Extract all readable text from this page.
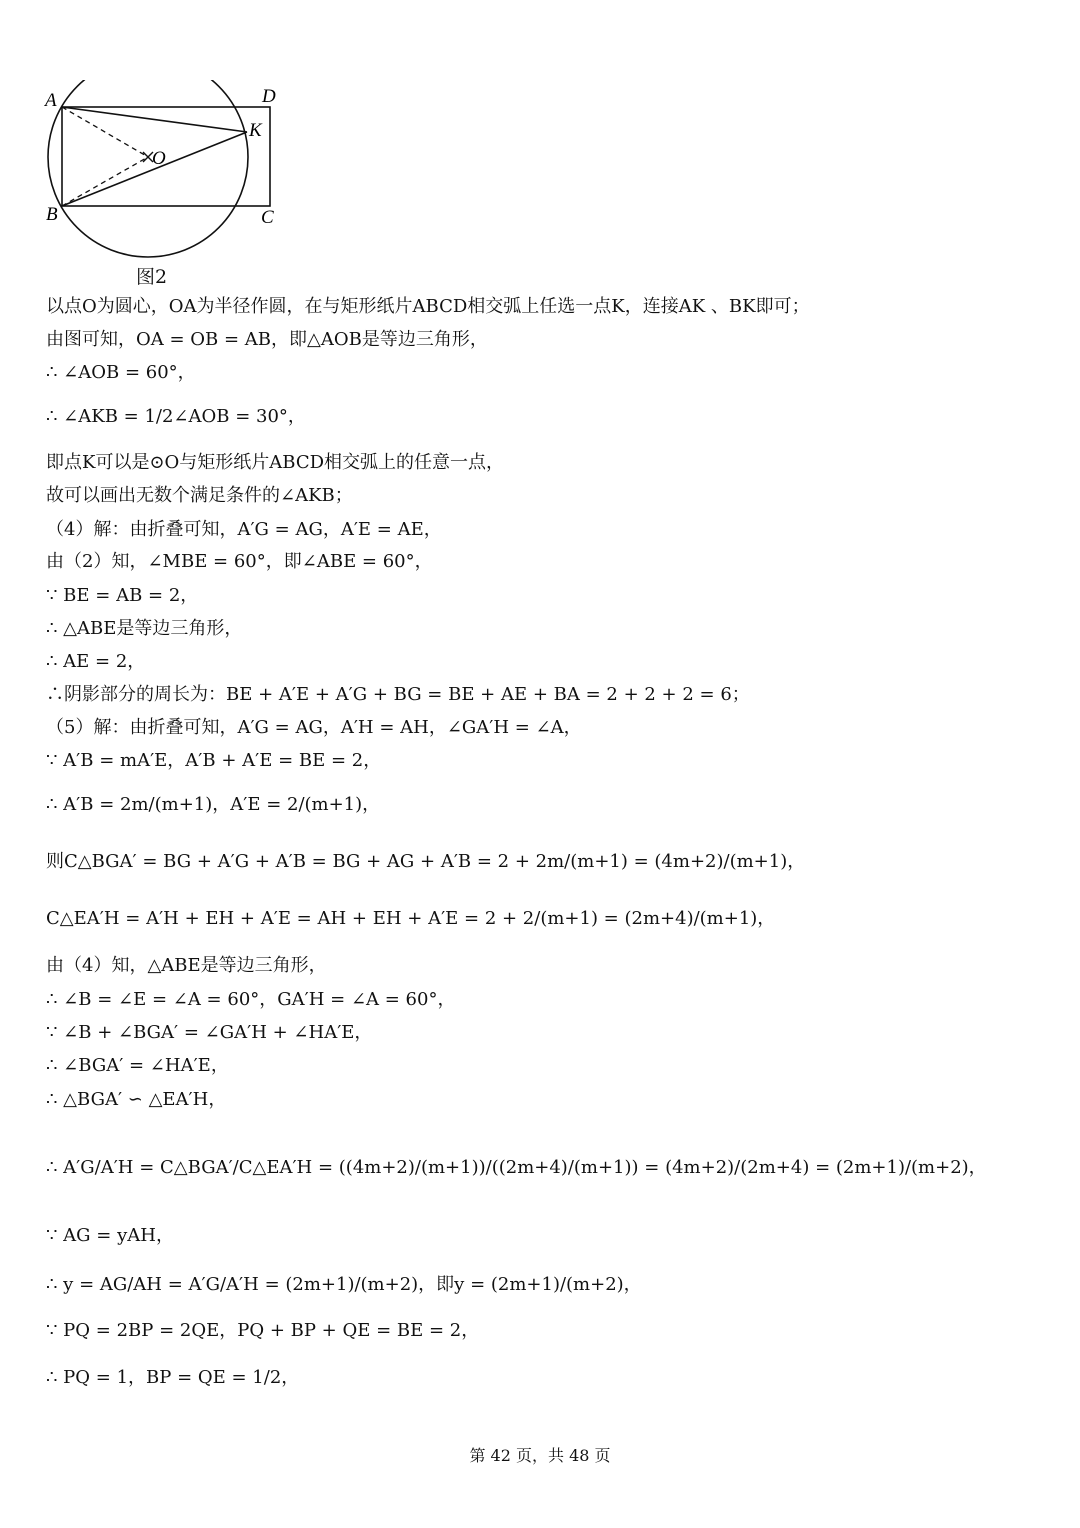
A	D
K
O
B	C
图2
以点O为圆心，OA为半径作圆，在与矩形纸片ABCD相交弧上任选一点K，连接AK 、BK即可；
由图可知，OA = OB = AB，即△AOB是等边三角形，
∴ ∠AOB = 60°，
∴ ∠AKB = 1/2∠AOB = 30°，
即点K可以是⊙O与矩形纸片ABCD相交弧上的任意一点，
故可以画出无数个满足条件的∠AKB；
（4）解：由折叠可知，A′G = AG，A′E = AE，
由（2）知，∠MBE = 60°，即∠ABE = 60°，
∵ BE = AB = 2，
∴ △ABE是等边三角形，
∴ AE = 2，
∴阴影部分的周长为：BE + A′E + A′G + BG = BE + AE + BA = 2 + 2 + 2 = 6；
（5）解：由折叠可知，A′G = AG，A′H = AH，∠GA′H = ∠A，
∵ A′B = mA′E，A′B + A′E = BE = 2，
∴ A′B = 2m/(m+1)，A′E = 2/(m+1)，
则C△BGA′ = BG + A′G + A′B = BG + AG + A′B = 2 + 2m/(m+1) = (4m+2)/(m+1)，
C△EA′H = A′H + EH + A′E = AH + EH + A′E = 2 + 2/(m+1) = (2m+4)/(m+1)，
由（4）知，△ABE是等边三角形，
∴ ∠B = ∠E = ∠A = 60°，GA′H = ∠A = 60°，
∵ ∠B + ∠BGA′ = ∠GA′H + ∠HA′E，
∴ ∠BGA′ = ∠HA′E，
∴ △BGA′ ∽ △EA′H，
∴ A′G/A′H = C△BGA′/C△EA′H = ((4m+2)/(m+1))/((2m+4)/(m+1)) = (4m+2)/(2m+4) = (2m+1)/(m+2)，
∵ AG = yAH，
∴ y = AG/AH = A′G/A′H = (2m+1)/(m+2)，即y = (2m+1)/(m+2)，
∵ PQ = 2BP = 2QE，PQ + BP + QE = BE = 2，
∴ PQ = 1，BP = QE = 1/2，
第 42 页，共 48 页
